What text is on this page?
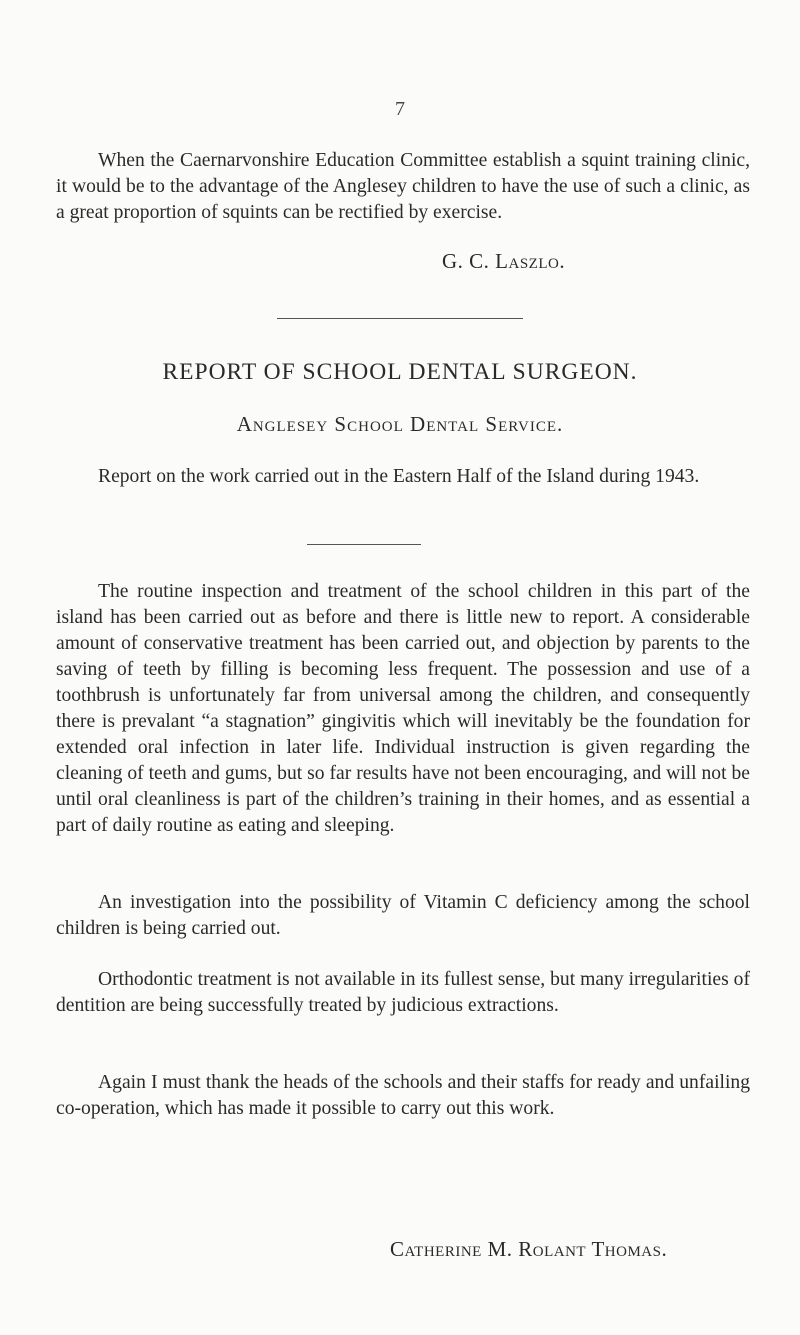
7

When the Caernarvonshire Education Committee establish a squint training clinic, it would be to the advantage of the Anglesey children to have the use of such a clinic, as a great proportion of squints can be rectified by exercise.

G. C. Laszlo.
REPORT OF SCHOOL DENTAL SURGEON.
Anglesey School Dental Service.

Report on the work carried out in the Eastern Half of the Island during 1943.

The routine inspection and treatment of the school children in this part of the island has been carried out as before and there is little new to report. A considerable amount of conservative treatment has been carried out, and objection by parents to the saving of teeth by filling is becoming less frequent. The possession and use of a toothbrush is unfortunately far from universal among the children, and consequently there is prevalant “a stagnation” gingivitis which will inevitably be the foundation for extended oral infection in later life. Individual instruction is given regarding the cleaning of teeth and gums, but so far results have not been encouraging, and will not be until oral cleanliness is part of the children’s training in their homes, and as essential a part of daily routine as eating and sleeping.

An investigation into the possibility of Vitamin C deficiency among the school children is being carried out.

Orthodontic treatment is not available in its fullest sense, but many irregularities of dentition are being successfully treated by judicious extractions.

Again I must thank the heads of the schools and their staffs for ready and unfailing co-operation, which has made it possible to carry out this work.

Catherine M. Rolant Thomas.
